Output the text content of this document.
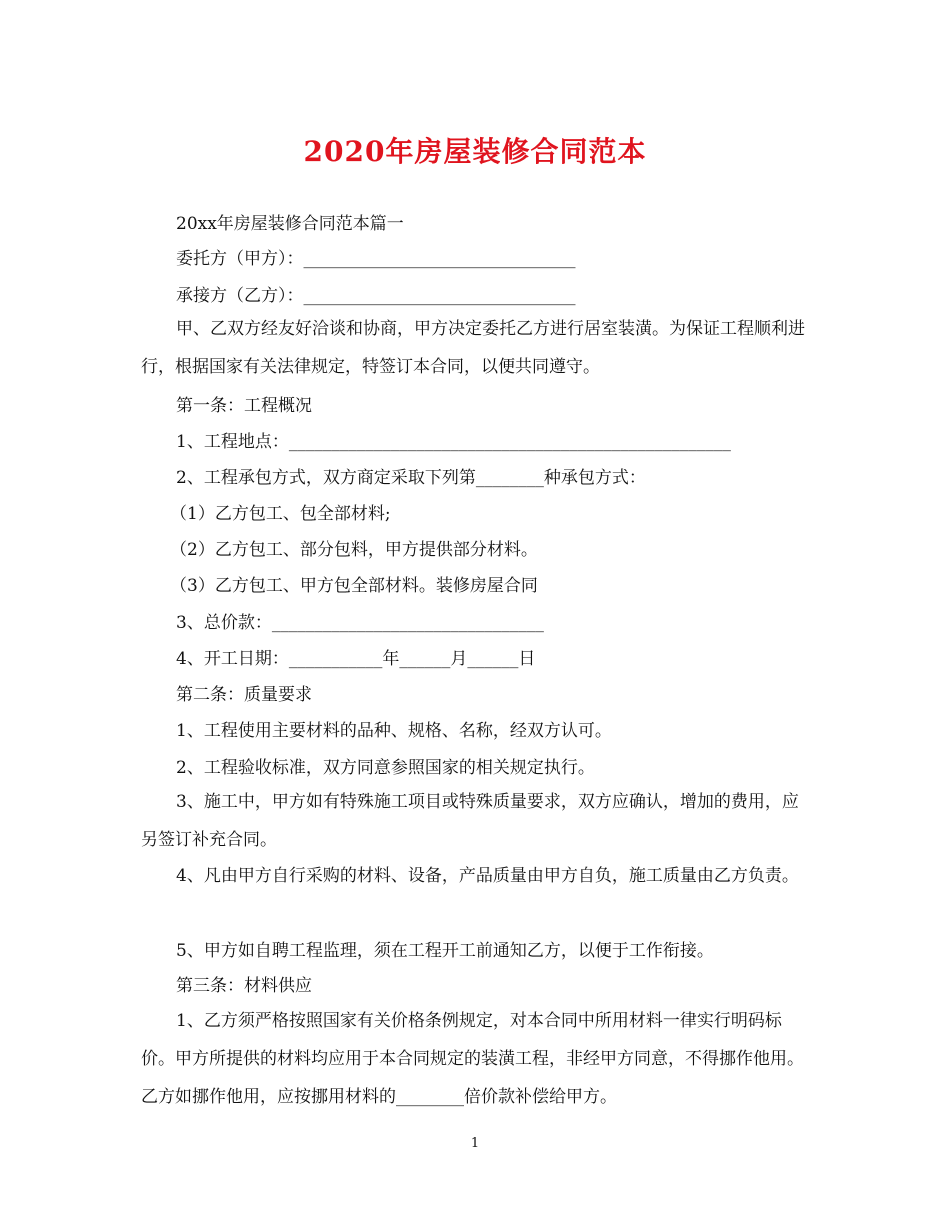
2020年房屋装修合同范本
20xx年房屋装修合同范本篇一
委托方（甲方）：________________________________
承接方（乙方）：________________________________
甲、乙双方经友好洽谈和协商，甲方决定委托乙方进行居室装潢。为保证工程顺利进行，根据国家有关法律规定，特签订本合同，以便共同遵守。
第一条：工程概况
1、工程地点：____________________________________________________
2、工程承包方式，双方商定采取下列第________种承包方式：
（1）乙方包工、包全部材料;
（2）乙方包工、部分包料，甲方提供部分材料。
（3）乙方包工、甲方包全部材料。装修房屋合同
3、总价款：________________________________
4、开工日期：___________年______月______日
第二条：质量要求
1、工程使用主要材料的品种、规格、名称，经双方认可。
2、工程验收标准，双方同意参照国家的相关规定执行。
3、施工中，甲方如有特殊施工项目或特殊质量要求，双方应确认，增加的费用，应另签订补充合同。
4、凡由甲方自行采购的材料、设备，产品质量由甲方自负，施工质量由乙方负责。
5、甲方如自聘工程监理，须在工程开工前通知乙方，以便于工作衔接。
第三条：材料供应
1、乙方须严格按照国家有关价格条例规定，对本合同中所用材料一律实行明码标价。甲方所提供的材料均应用于本合同规定的装潢工程，非经甲方同意，不得挪作他用。乙方如挪作他用，应按挪用材料的________倍价款补偿给甲方。
1
